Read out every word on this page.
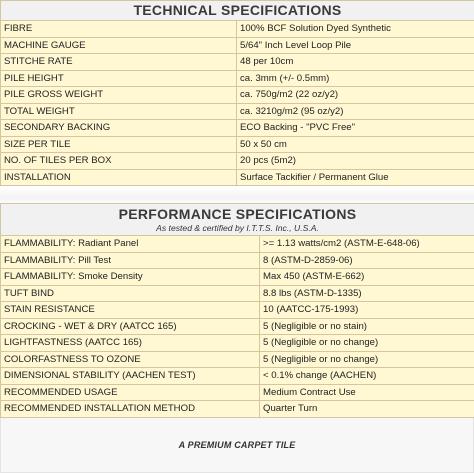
TECHNICAL SPECIFICATIONS	

FIBRE	100% BCF Solution Dyed Synthetic
MACHINE GAUGE	5/64" Inch Level Loop Pile
STITCHE RATE	48 per 10cm
PILE HEIGHT	ca. 3mm (+/- 0.5mm)
PILE GROSS WEIGHT	ca. 750g/m2 (22 oz/y2)
TOTAL WEIGHT	ca. 3210g/m2 (95 oz/y2)
SECONDARY BACKING	ECO Backing - "PVC Free"
SIZE PER TILE	50 x 50 cm
NO. OF TILES PER BOX	20 pcs (5m2)
INSTALLATION	Surface Tackifier / Permanent Glue
PERFORMANCE SPECIFICATIONS
As tested & certified by I.T.T.S. Inc., U.S.A.	

FLAMMABILITY: Radiant Panel	>= 1.13 watts/cm2 (ASTM-E-648-06)
FLAMMABILITY: Pill Test	8 (ASTM-D-2859-06)
FLAMMABILITY: Smoke Density	Max 450 (ASTM-E-662)
TUFT BIND	8.8 lbs (ASTM-D-1335)
STAIN RESISTANCE	10 (AATCC-175-1993)
CROCKING - WET & DRY (AATCC 165)	5 (Negligible or no stain)
LIGHTFASTNESS (AATCC 165)	5 (Negligible or no change)
COLORFASTNESS TO OZONE	5 (Negligible or no change)
DIMENSIONAL STABILITY (AACHEN TEST)	< 0.1% change (AACHEN)
RECOMMENDED USAGE	Medium Contract Use
RECOMMENDED INSTALLATION METHOD	Quarter Turn
A PREMIUM CARPET TILE
